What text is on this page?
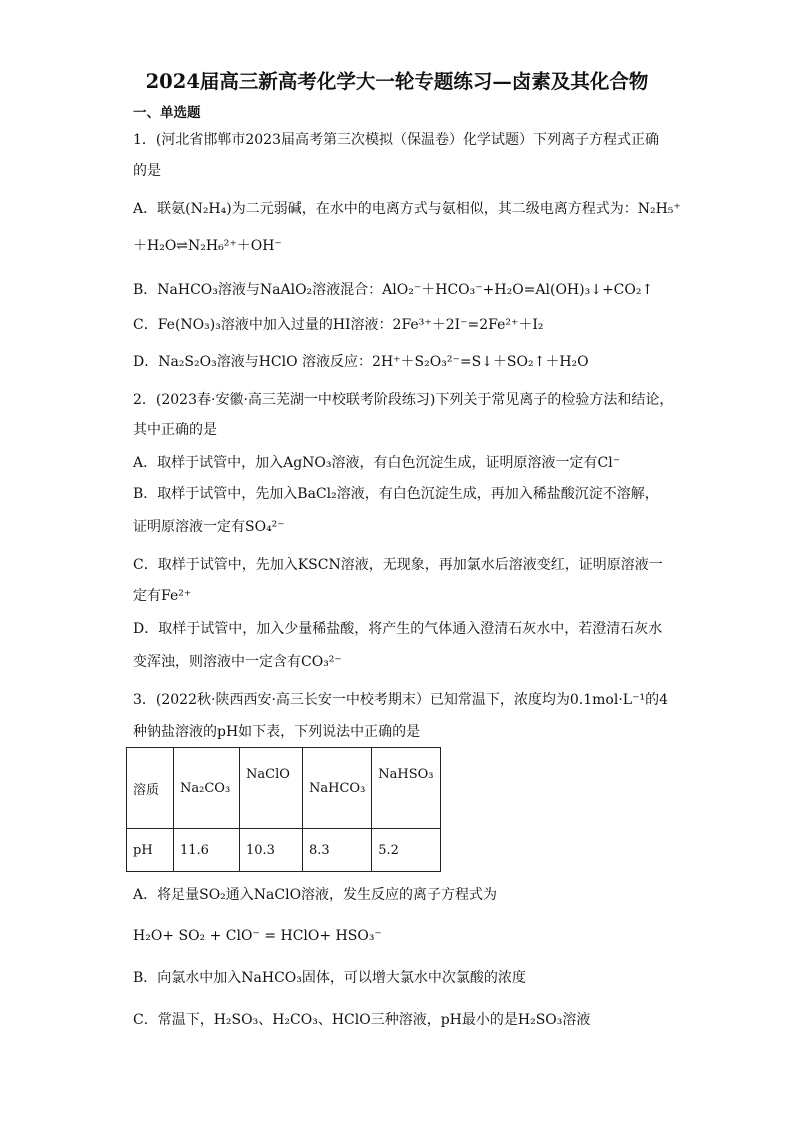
2024届高三新高考化学大一轮专题练习—卤素及其化合物
一、单选题
1．(河北省邯郸市2023届高考第三次模拟（保温卷）化学试题）下列离子方程式正确
的是
A．联氨(N₂H₄)为二元弱碱，在水中的电离方式与氨相似，其二级电离方程式为：N₂H₅⁺
＋H₂O⇌N₂H₆²⁺＋OH⁻
B．NaHCO₃溶液与NaAlO₂溶液混合：AlO₂⁻＋HCO₃⁻+H₂O=Al(OH)₃↓+CO₂↑
C．Fe(NO₃)₃溶液中加入过量的HI溶液：2Fe³⁺＋2I⁻=2Fe²⁺＋I₂
D．Na₂S₂O₃溶液与HClO 溶液反应：2H⁺＋S₂O₃²⁻=S↓＋SO₂↑＋H₂O
2．(2023春·安徽·高三芜湖一中校联考阶段练习)下列关于常见离子的检验方法和结论，
其中正确的是
A．取样于试管中，加入AgNO₃溶液，有白色沉淀生成，证明原溶液一定有Cl⁻
B．取样于试管中，先加入BaCl₂溶液，有白色沉淀生成，再加入稀盐酸沉淀不溶解，
证明原溶液一定有SO₄²⁻
C．取样于试管中，先加入KSCN溶液，无现象，再加氯水后溶液变红，证明原溶液一
定有Fe²⁺
D．取样于试管中，加入少量稀盐酸，将产生的气体通入澄清石灰水中，若澄清石灰水
变浑浊，则溶液中一定含有CO₃²⁻
3．(2022秋·陕西西安·高三长安一中校考期末）已知常温下，浓度均为0.1mol·L⁻¹的4
种钠盐溶液的pH如下表，下列说法中正确的是
溶质	Na₂CO₃	NaClO	NaHCO₃	NaHSO₃
pH	11.6	10.3	8.3	5.2
A．将足量SO₂通入NaClO溶液，发生反应的离子方程式为
H₂O+ SO₂ + ClO⁻ = HClO+ HSO₃⁻
B．向氯水中加入NaHCO₃固体，可以增大氯水中次氯酸的浓度
C．常温下，H₂SO₃、H₂CO₃、HClO三种溶液，pH最小的是H₂SO₃溶液
